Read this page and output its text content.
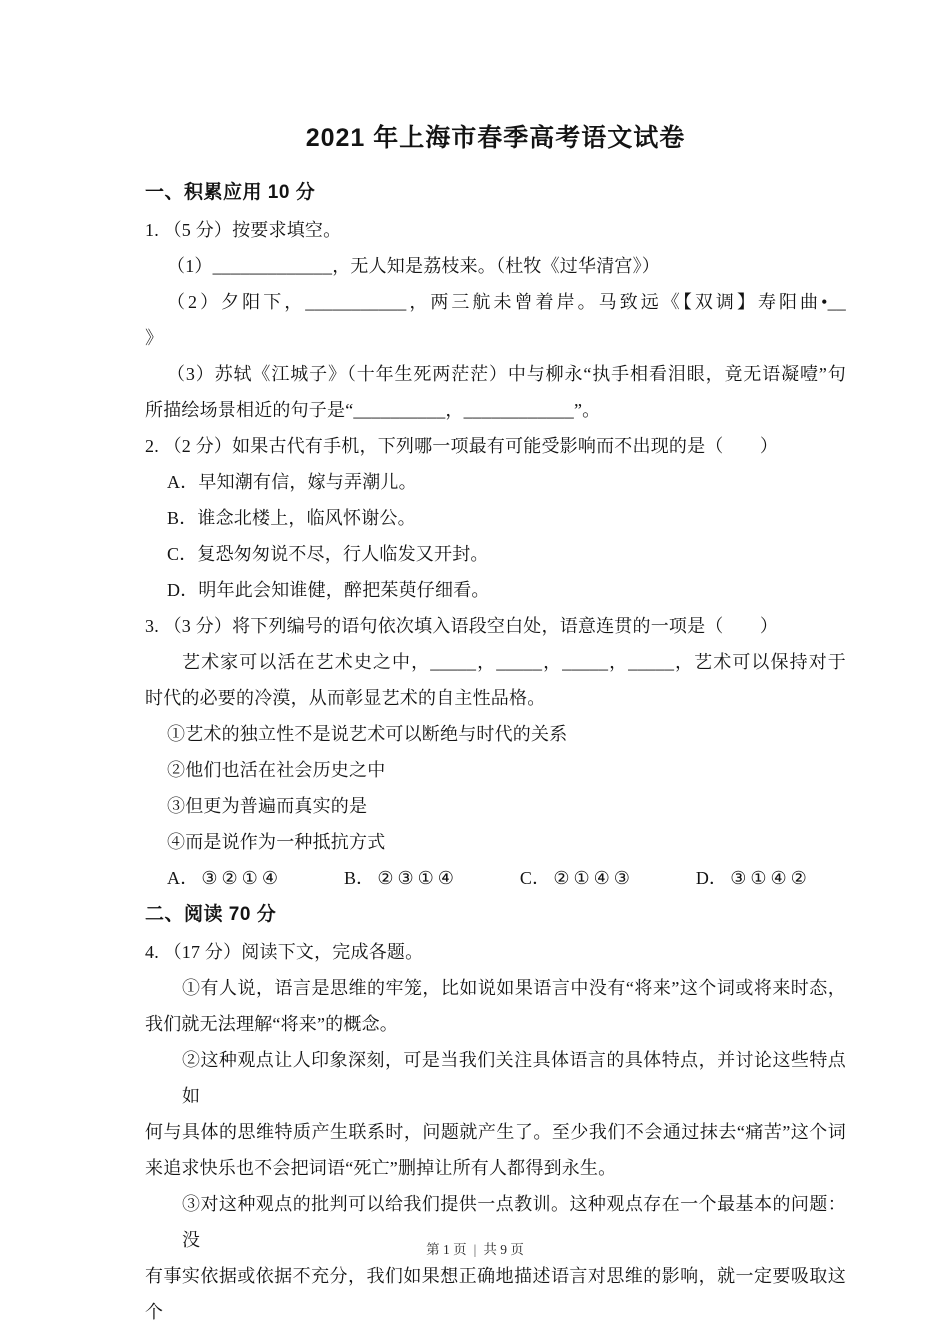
2021 年上海市春季高考语文试卷
一、积累应用 10 分
1. （5 分）按要求填空。
（1）_____________，无人知是荔枝来。（杜牧《过华清宫》）
（2）夕阳下，___________，两三航未曾着岸。马致远《【双调】寿阳曲•__
》
（3）苏轼《江城子》（十年生死两茫茫）中与柳永“执手相看泪眼，竟无语凝噎”句
所描绘场景相近的句子是“__________，____________”。
2. （2 分）如果古代有手机，下列哪一项最有可能受影响而不出现的是（　　）
A．早知潮有信，嫁与弄潮儿。
B．谁念北楼上，临风怀谢公。
C．复恐匆匆说不尽，行人临发又开封。
D．明年此会知谁健，醉把茱萸仔细看。
3. （3 分）将下列编号的语句依次填入语段空白处，语意连贯的一项是（　　）
艺术家可以活在艺术史之中，_____，_____，_____，_____，艺术可以保持对于
时代的必要的冷漠，从而彰显艺术的自主性品格。
①艺术的独立性不是说艺术可以断绝与时代的关系
②他们也活在社会历史之中
③但更为普遍而真实的是
④而是说作为一种抵抗方式
A． ③②①④	B． ②③①④	C． ②①④③	D． ③①④②
二、阅读 70 分
4. （17 分）阅读下文，完成各题。
①有人说，语言是思维的牢笼，比如说如果语言中没有“将来”这个词或将来时态，
我们就无法理解“将来”的概念。
②这种观点让人印象深刻，可是当我们关注具体语言的具体特点，并讨论这些特点如
何与具体的思维特质产生联系时，问题就产生了。至少我们不会通过抹去“痛苦”这个词
来追求快乐也不会把词语“死亡”删掉让所有人都得到永生。
③对这种观点的批判可以给我们提供一点教训。这种观点存在一个最基本的问题：没
有事实依据或依据不充分，我们如果想正确地描述语言对思维的影响，就一定要吸取这个
第 1 页 | 共 9 页
